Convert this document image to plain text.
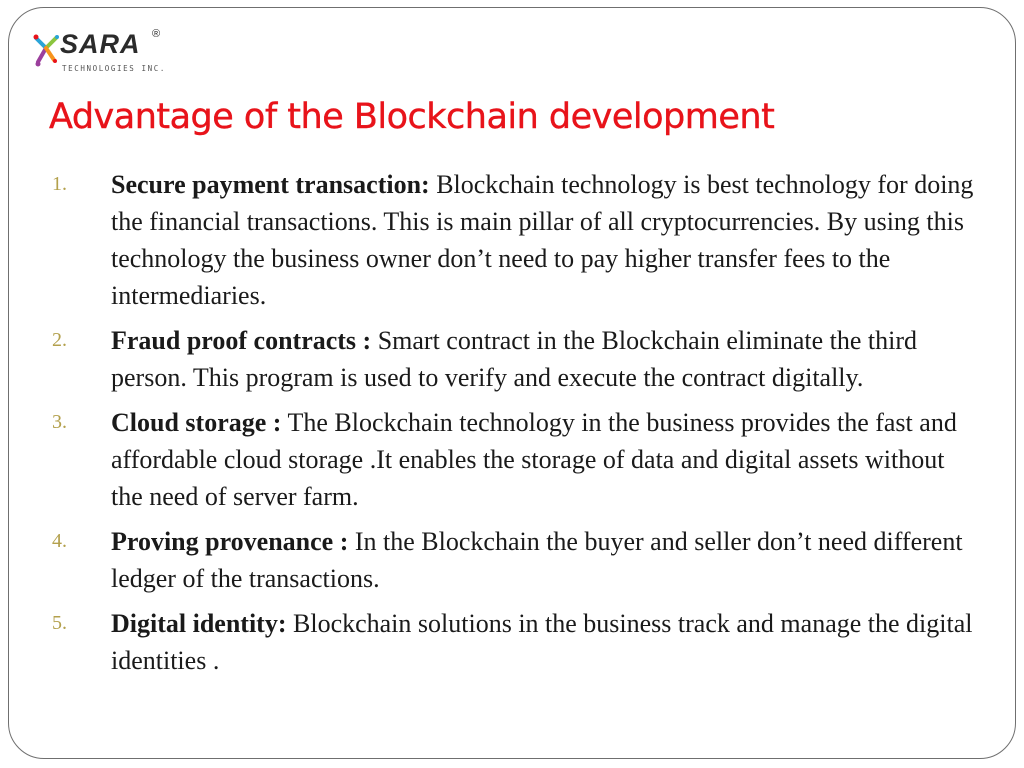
SARA ®
TECHNOLOGIES INC.
Advantage of the Blockchain development
1.	Secure payment transaction: Blockchain technology is best technology for doing the financial transactions. This is main pillar of all cryptocurrencies. By using this technology the business owner don’t need to pay higher transfer fees to the intermediaries.
2.	Fraud proof contracts : Smart contract in the Blockchain eliminate the third person. This program is used to verify and execute the contract digitally.
3.	Cloud storage : The Blockchain technology in the business provides the fast and affordable cloud storage .It enables the storage of data and digital assets without the need of server farm.
4.	Proving provenance : In the Blockchain the buyer and seller don’t need different ledger of the transactions.
5.	Digital identity: Blockchain solutions in the business track and manage the digital identities .
